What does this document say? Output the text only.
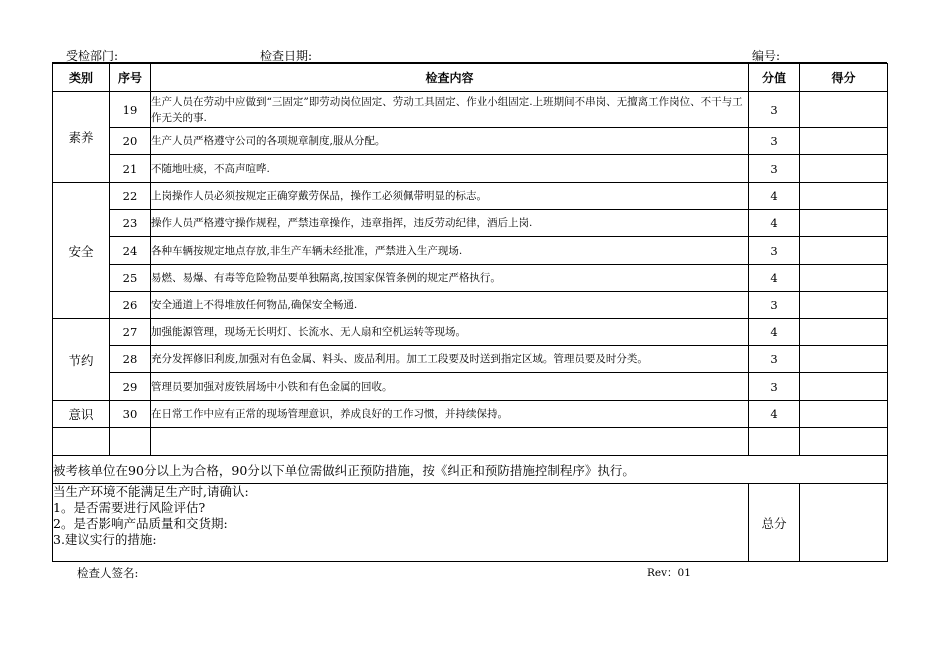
受检部门:	检查日期:	编号:
类别	序号	检查内容	分值	得分
素养	19	生产人员在劳动中应做到“三固定”即劳动岗位固定、劳动工具固定、作业小组固定.上班期间不串岗、无擅离工作岗位、不干与工作无关的事.	3	
	20	生产人员严格遵守公司的各项规章制度,服从分配。	3	
	21	不随地吐痰，不高声喧哗.	3	
安全	22	上岗操作人员必须按规定正确穿戴劳保品，操作工必须佩带明显的标志。	4	
	23	操作人员严格遵守操作规程，严禁违章操作，违章指挥，违反劳动纪律，酒后上岗.	4	
	24	各种车辆按规定地点存放,非生产车辆未经批准，严禁进入生产现场.	3	
	25	易燃、易爆、有毒等危险物品要单独隔离,按国家保管条例的规定严格执行。	4	
	26	安全通道上不得堆放任何物品,确保安全畅通.	3	
节约	27	加强能源管理，现场无长明灯、长流水、无人扇和空机运转等现场。	4	
	28	充分发挥修旧利废,加强对有色金属、料头、废品利用。加工工段要及时送到指定区域。管理员要及时分类。	3	
	29	管理员要加强对废铁屑场中小铁和有色金属的回收。	3	
意识	30	在日常工作中应有正常的现场管理意识，养成良好的工作习惯，并持续保持。	4	

被考核单位在90分以上为合格，90分以下单位需做纠正预防措施，按《纠正和预防措施控制程序》执行。				

当生产环境不能满足生产时,请确认:
1。是否需要进行风险评估?
2。是否影响产品质量和交货期:
3.建议实行的措施:			总分	
检查人签名:	Rev：01
